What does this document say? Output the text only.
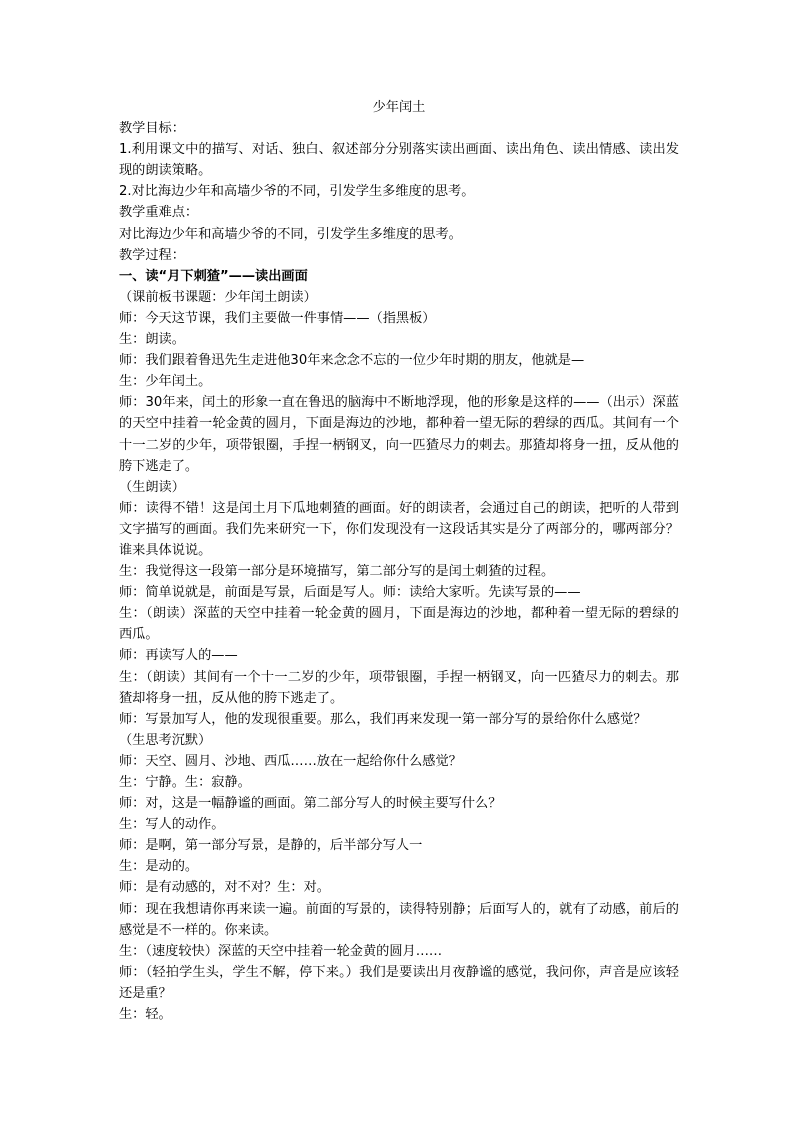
少年闰土

教学目标：

1.利用课文中的描写、对话、独白、叙述部分分别落实读出画面、读出角色、读出情感、读出发现的朗读策略。

2.对比海边少年和高墙少爷的不同，引发学生多维度的思考。

教学重难点：

对比海边少年和高墙少爷的不同，引发学生多维度的思考。

教学过程：

一、读“月下刺猹”——读出画面

（课前板书课题：少年闰土朗读）

师：今天这节课，我们主要做一件事情——（指黑板）

生：朗读。

师：我们跟着鲁迅先生走进他30年来念念不忘的一位少年时期的朋友，他就是—

生：少年闰土。

师：30年来，闰土的形象一直在鲁迅的脑海中不断地浮现，他的形象是这样的——（出示）深蓝的天空中挂着一轮金黄的圆月，下面是海边的沙地，都种着一望无际的碧绿的西瓜。其间有一个十一二岁的少年，项带银圈，手捏一柄钢叉，向一匹猹尽力的刺去。那猹却将身一扭，反从他的胯下逃走了。

（生朗读）

师：读得不错！这是闰土月下瓜地刺猹的画面。好的朗读者，会通过自己的朗读，把听的人带到文字描写的画面。我们先来研究一下，你们发现没有一这段话其实是分了两部分的，哪两部分？谁来具体说说。

生：我觉得这一段第一部分是环境描写，第二部分写的是闰土刺猹的过程。

师：简单说就是，前面是写景，后面是写人。师：读给大家听。先读写景的——

生：（朗读）深蓝的天空中挂着一轮金黄的圆月，下面是海边的沙地，都种着一望无际的碧绿的西瓜。

师：再读写人的——

生：（朗读）其间有一个十一二岁的少年，项带银圈，手捏一柄钢叉，向一匹猹尽力的刺去。那猹却将身一扭，反从他的胯下逃走了。

师：写景加写人，他的发现很重要。那么，我们再来发现一第一部分写的景给你什么感觉？

（生思考沉默）

师：天空、圆月、沙地、西瓜……放在一起给你什么感觉？

生：宁静。生：寂静。

师：对，这是一幅静谧的画面。第二部分写人的时候主要写什么？

生：写人的动作。

师：是啊，第一部分写景，是静的，后半部分写人一

生：是动的。

师：是有动感的，对不对？生：对。

师：现在我想请你再来读一遍。前面的写景的，读得特别静；后面写人的，就有了动感，前后的感觉是不一样的。你来读。

生：（速度较快）深蓝的天空中挂着一轮金黄的圆月……

师：（轻拍学生头，学生不解，停下来。）我们是要读出月夜静谧的感觉，我问你，声音是应该轻还是重？

生：轻。
